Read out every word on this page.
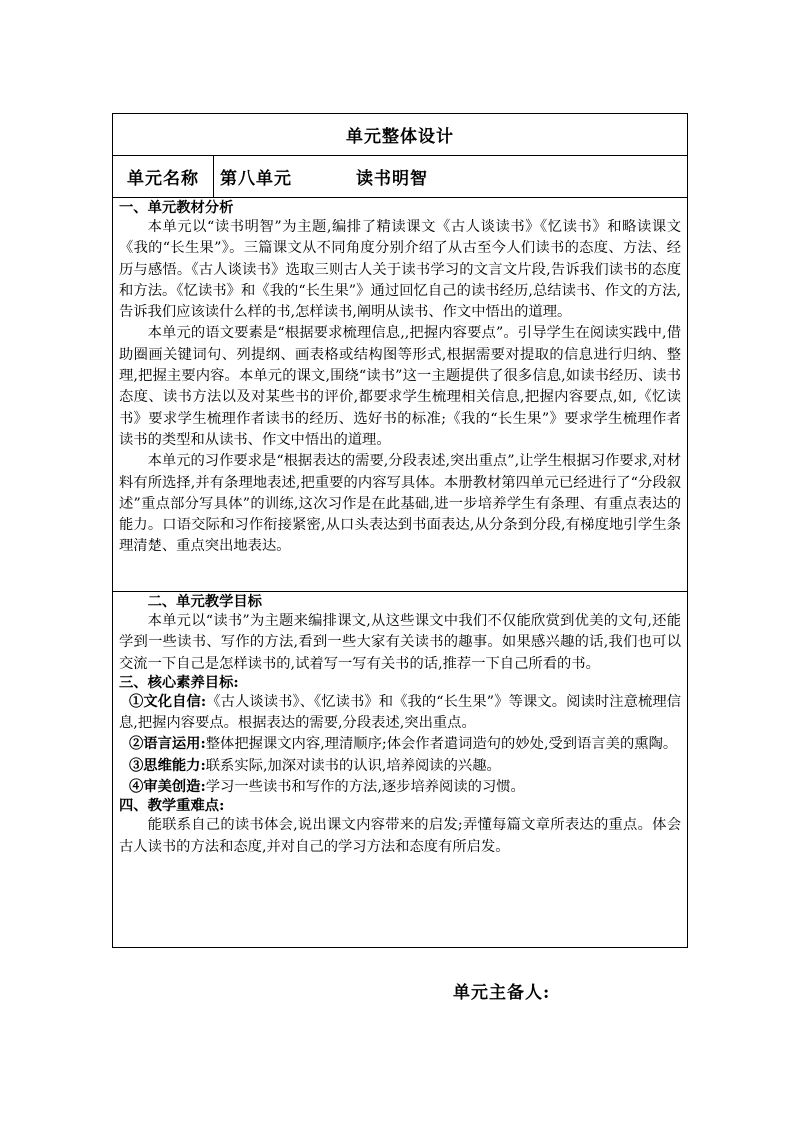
单元整体设计
单元名称	第八单元	读书明智
一、单元教材分析

本单元以“读书明智”为主题,编排了精读课文《古人谈读书》《忆读书》和略读课文《我的“长生果”》。三篇课文从不同角度分别介绍了从古至今人们读书的态度、方法、经历与感悟。《古人谈读书》选取三则古人关于读书学习的文言文片段,告诉我们读书的态度和方法。《忆读书》和《我的“长生果”》通过回忆自己的读书经历,总结读书、作文的方法,告诉我们应该读什么样的书,怎样读书,阐明从读书、作文中悟出的道理。

本单元的语文要素是“根据要求梳理信息,,把握内容要点”。引导学生在阅读实践中,借助圈画关键词句、列提纲、画表格或结构图等形式,根据需要对提取的信息进行归纳、整理,把握主要内容。本单元的课文,围绕“读书”这一主题提供了很多信息,如读书经历、读书态度、读书方法以及对某些书的评价,都要求学生梳理相关信息,把握内容要点,如,《忆读书》要求学生梳理作者读书的经历、选好书的标准;《我的“长生果”》要求学生梳理作者读书的类型和从读书、作文中悟出的道理。

本单元的习作要求是“根据表达的需要,分段表述,突出重点”,让学生根据习作要求,对材料有所选择,并有条理地表述,把重要的内容写具体。本册教材第四单元已经进行了“分段叙述”重点部分写具体”的训练,这次习作是在此基础,进一步培养学生有条理、有重点表达的能力。口语交际和习作衔接紧密,从口头表达到书面表达,从分条到分段,有梯度地引学生条理清楚、重点突出地表达。

二、单元教学目标

本单元以“读书”为主题来编排课文,从这些课文中我们不仅能欣赏到优美的文句,还能学到一些读书、写作的方法,看到一些大家有关读书的趣事。如果感兴趣的话,我们也可以交流一下自己是怎样读书的,试着写一写有关书的话,推荐一下自己所看的书。

三、核心素养目标:

①文化自信:《古人谈读书》、《忆读书》和《我的“长生果”》等课文。阅读时注意梳理信息,把握内容要点。根据表达的需要,分段表述,突出重点。

②语言运用:整体把握课文内容,理清顺序;体会作者遣词造句的妙处,受到语言美的熏陶。

③思维能力:联系实际,加深对读书的认识,培养阅读的兴趣。

④审美创造:学习一些读书和写作的方法,逐步培养阅读的习惯。

四、教学重难点:

能联系自己的读书体会,说出课文内容带来的启发;弄懂每篇文章所表达的重点。体会古人读书的方法和态度,并对自己的学习方法和态度有所启发。

单元主备人:
